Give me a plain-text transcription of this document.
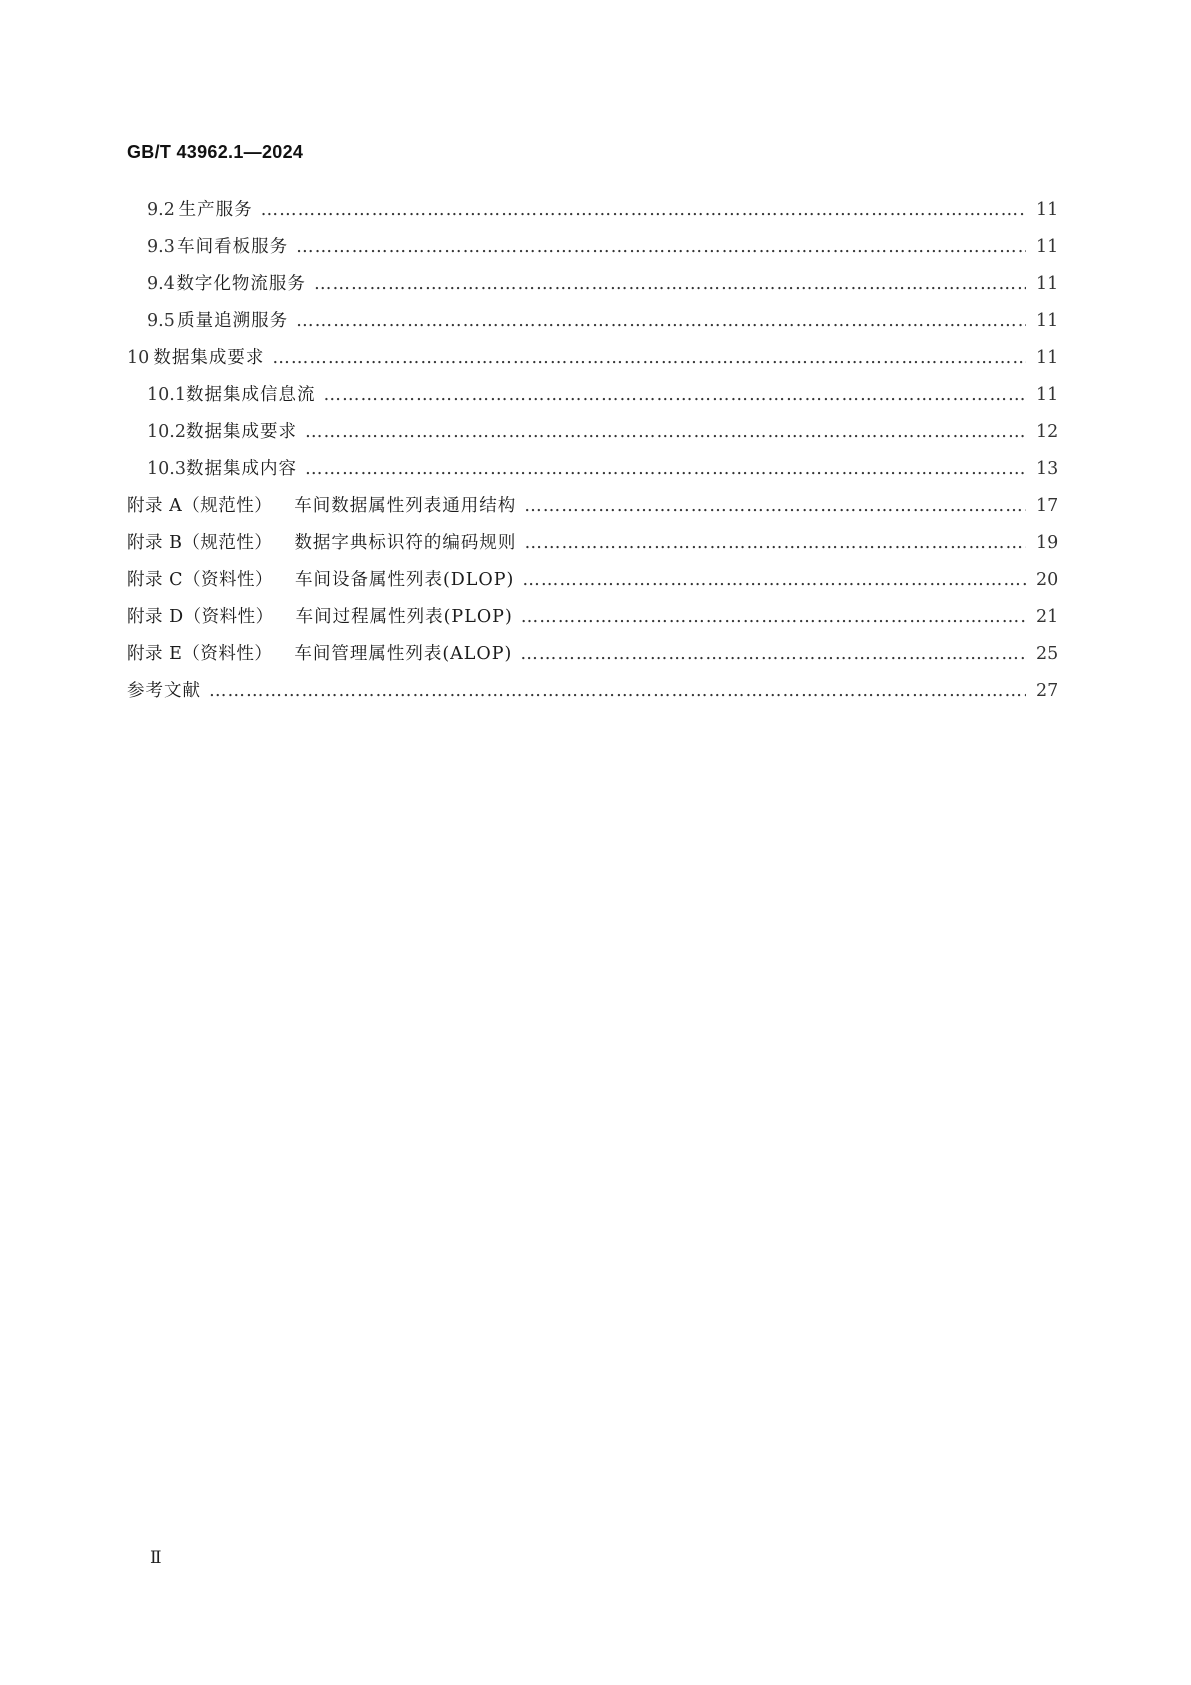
GB/T 43962.1—2024
9.2 生产服务 ……………………………………………………………………………………………………………………………………………………………………………………	11
9.3 车间看板服务 ……………………………………………………………………………………………………………………………………………………………………………………	11
9.4 数字化物流服务 ……………………………………………………………………………………………………………………………………………………………………………………	11
9.5 质量追溯服务 ……………………………………………………………………………………………………………………………………………………………………………………	11
10 数据集成要求 ……………………………………………………………………………………………………………………………………………………………………………………	11
10.1 数据集成信息流 ……………………………………………………………………………………………………………………………………………………………………………………	11
10.2 数据集成要求 ……………………………………………………………………………………………………………………………………………………………………………………	12
10.3 数据集成内容 ……………………………………………………………………………………………………………………………………………………………………………………	13
附录 A（规范性） 车间数据属性列表通用结构 ……………………………………………………………………………………………………………………………………………………………………………………	17
附录 B（规范性） 数据字典标识符的编码规则 ……………………………………………………………………………………………………………………………………………………………………………………	19
附录 C（资料性） 车间设备属性列表(DLOP) ……………………………………………………………………………………………………………………………………………………………………………………	20
附录 D（资料性） 车间过程属性列表(PLOP) ……………………………………………………………………………………………………………………………………………………………………………………	21
附录 E（资料性） 车间管理属性列表(ALOP) ……………………………………………………………………………………………………………………………………………………………………………………	25
参考文献 ……………………………………………………………………………………………………………………………………………………………………………………	27
Ⅱ
